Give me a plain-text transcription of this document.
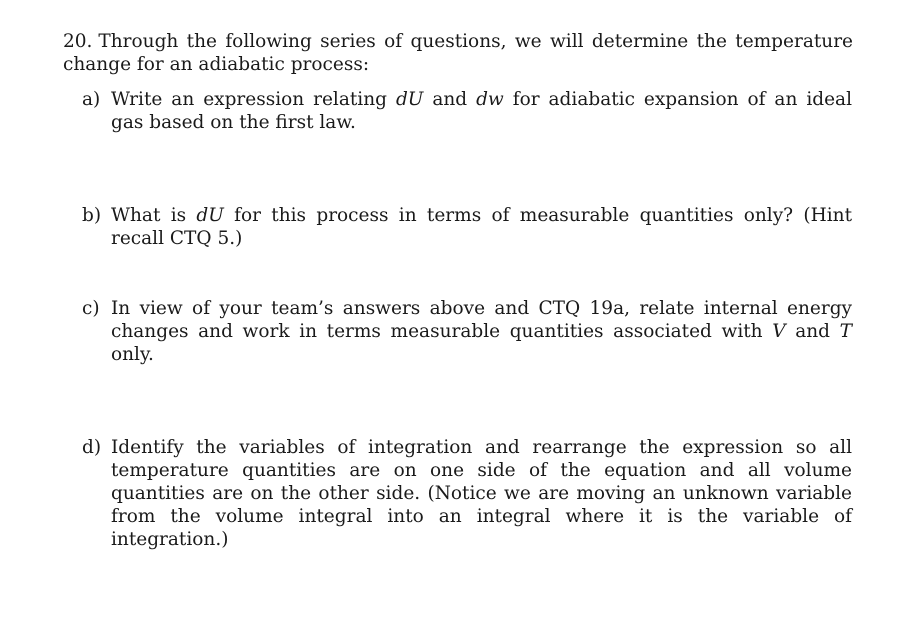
20. Through the following series of questions, we will determine the temperature change for an adiabatic process:
a) Write an expression relating dU and dw for adiabatic expansion of an ideal gas based on the first law.
b) What is dU for this process in terms of measurable quantities only? (Hint recall CTQ 5.)
c) In view of your team’s answers above and CTQ 19a, relate internal energy changes and work in terms measurable quantities associated with V and T only.
d) Identify the variables of integration and rearrange the expression so all temperature quantities are on one side of the equation and all volume quantities are on the other side. (Notice we are moving an unknown variable from the volume integral into an integral where it is the variable of integration.)
